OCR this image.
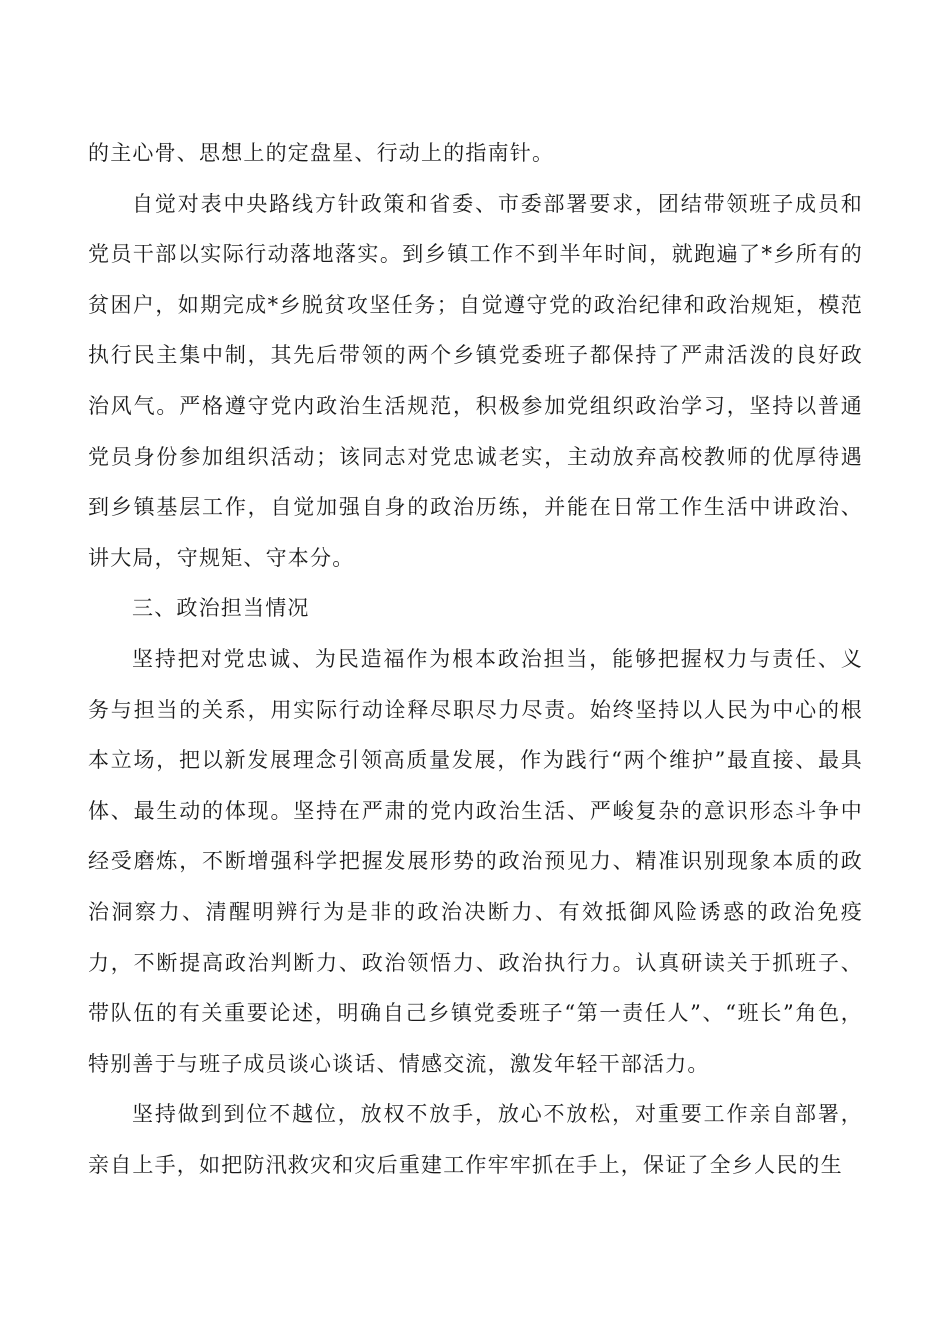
的主心骨、思想上的定盘星、行动上的指南针。

自觉对表中央路线方针政策和省委、市委部署要求，团结带领班子成员和党员干部以实际行动落地落实。到乡镇工作不到半年时间，就跑遍了*乡所有的贫困户，如期完成*乡脱贫攻坚任务；自觉遵守党的政治纪律和政治规矩，模范执行民主集中制，其先后带领的两个乡镇党委班子都保持了严肃活泼的良好政治风气。严格遵守党内政治生活规范，积极参加党组织政治学习，坚持以普通党员身份参加组织活动；该同志对党忠诚老实，主动放弃高校教师的优厚待遇到乡镇基层工作，自觉加强自身的政治历练，并能在日常工作生活中讲政治、讲大局，守规矩、守本分。

三、政治担当情况

坚持把对党忠诚、为民造福作为根本政治担当，能够把握权力与责任、义务与担当的关系，用实际行动诠释尽职尽力尽责。始终坚持以人民为中心的根本立场，把以新发展理念引领高质量发展，作为践行“两个维护”最直接、最具体、最生动的体现。坚持在严肃的党内政治生活、严峻复杂的意识形态斗争中经受磨炼，不断增强科学把握发展形势的政治预见力、精准识别现象本质的政治洞察力、清醒明辨行为是非的政治决断力、有效抵御风险诱惑的政治免疫力，不断提高政治判断力、政治领悟力、政治执行力。认真研读关于抓班子、带队伍的有关重要论述，明确自己乡镇党委班子“第一责任人”、“班长”角色，特别善于与班子成员谈心谈话、情感交流，激发年轻干部活力。

坚持做到到位不越位，放权不放手，放心不放松，对重要工作亲自部署，亲自上手，如把防汛救灾和灾后重建工作牢牢抓在手上，保证了全乡人民的生
